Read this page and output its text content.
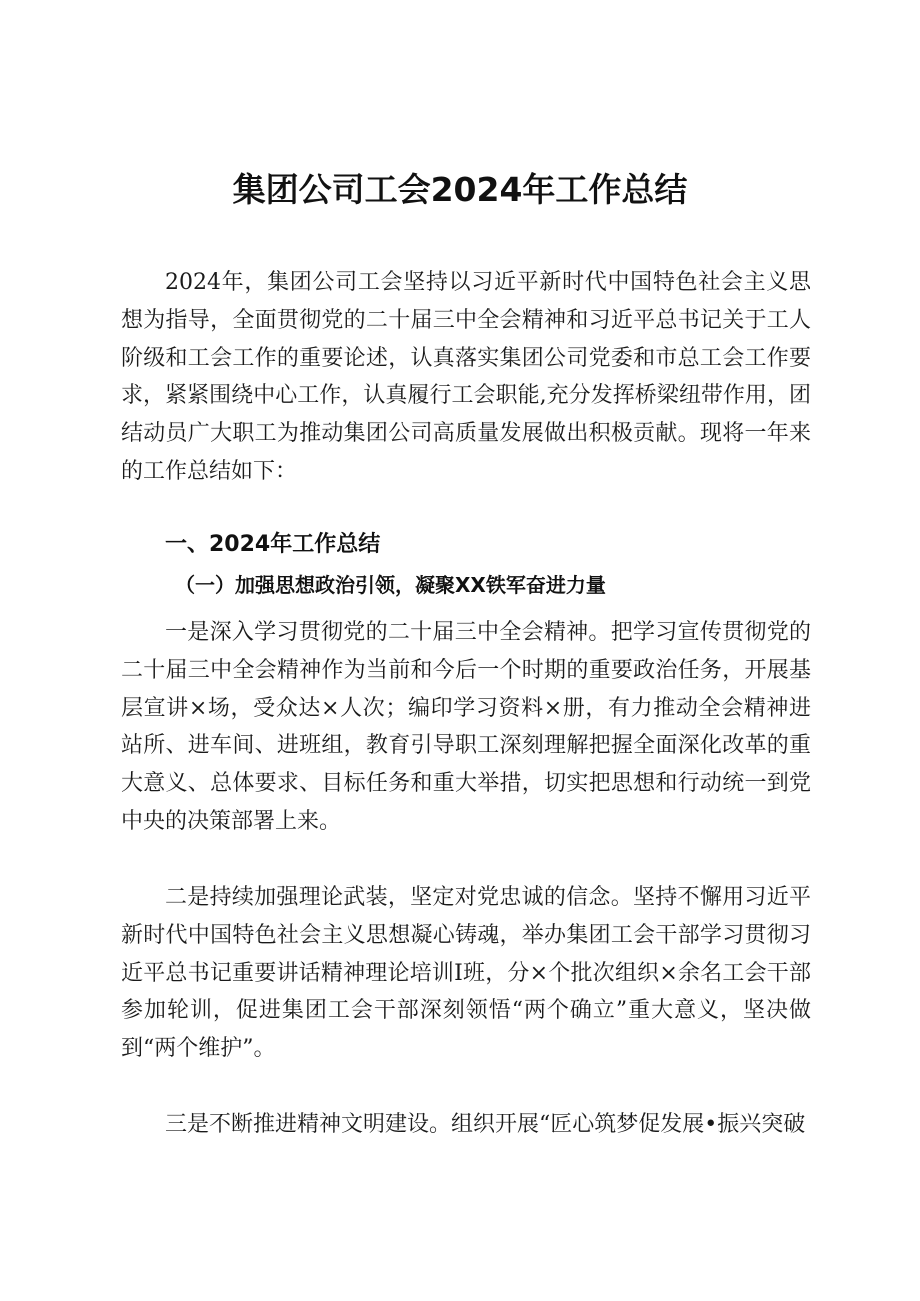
集团公司工会2024年工作总结

2024年，集团公司工会坚持以习近平新时代中国特色社会主义思想为指导，全面贯彻党的二十届三中全会精神和习近平总书记关于工人阶级和工会工作的重要论述，认真落实集团公司党委和市总工会工作要求，紧紧围绕中心工作，认真履行工会职能,充分发挥桥梁纽带作用，团结动员广大职工为推动集团公司高质量发展做出积极贡献。现将一年来的工作总结如下：

一、2024年工作总结
（一）加强思想政治引领，凝聚XX铁军奋进力量

一是深入学习贯彻党的二十届三中全会精神。把学习宣传贯彻党的二十届三中全会精神作为当前和今后一个时期的重要政治任务，开展基层宣讲×场，受众达×人次；编印学习资料×册，有力推动全会精神进站所、进车间、进班组，教育引导职工深刻理解把握全面深化改革的重大意义、总体要求、目标任务和重大举措，切实把思想和行动统一到党中央的决策部署上来。

二是持续加强理论武装，坚定对党忠诚的信念。坚持不懈用习近平新时代中国特色社会主义思想凝心铸魂，举办集团工会干部学习贯彻习近平总书记重要讲话精神理论培训I班，分×个批次组织×余名工会干部参加轮训，促进集团工会干部深刻领悟“两个确立”重大意义，坚决做到“两个维护”。

三是不断推进精神文明建设。组织开展“匠心筑梦促发展•振兴突破
